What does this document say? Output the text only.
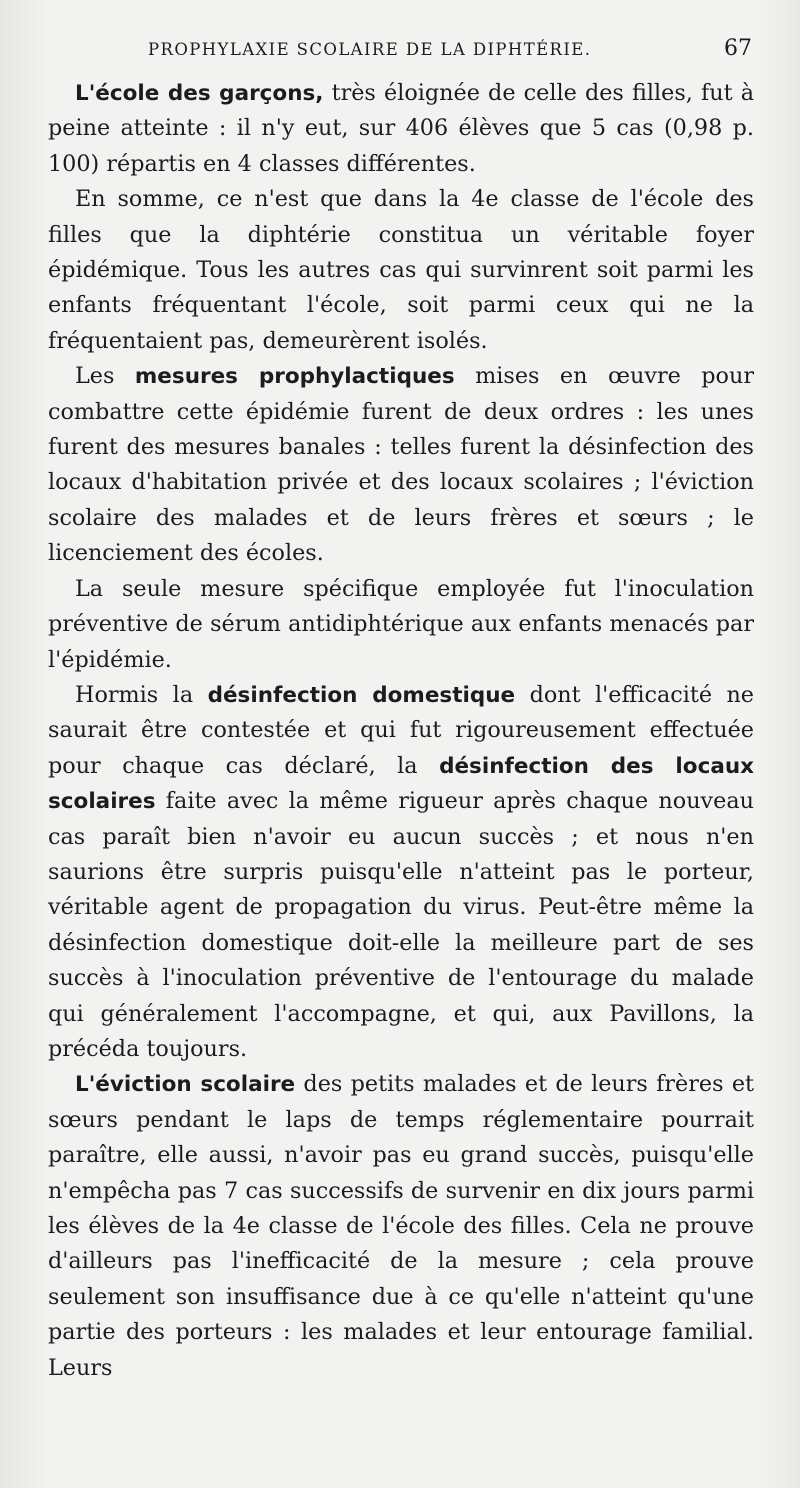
PROPHYLAXIE SCOLAIRE DE LA DIPHTÉRIE.	67

L'école des garçons, très éloignée de celle des filles, fut à peine atteinte : il n'y eut, sur 406 élèves que 5 cas (0,98 p. 100) répartis en 4 classes différentes.

En somme, ce n'est que dans la 4e classe de l'école des filles que la diphtérie constitua un véritable foyer épidémique. Tous les autres cas qui survinrent soit parmi les enfants fréquentant l'école, soit parmi ceux qui ne la fréquentaient pas, demeurèrent isolés.

Les mesures prophylactiques mises en œuvre pour combattre cette épidémie furent de deux ordres : les unes furent des mesures banales : telles furent la désinfection des locaux d'habitation privée et des locaux scolaires ; l'éviction scolaire des malades et de leurs frères et sœurs ; le licenciement des écoles.

La seule mesure spécifique employée fut l'inoculation préventive de sérum antidiphtérique aux enfants menacés par l'épidémie.

Hormis la désinfection domestique dont l'efficacité ne saurait être contestée et qui fut rigoureusement effectuée pour chaque cas déclaré, la désinfection des locaux scolaires faite avec la même rigueur après chaque nouveau cas paraît bien n'avoir eu aucun succès ; et nous n'en saurions être surpris puisqu'elle n'atteint pas le porteur, véritable agent de propagation du virus. Peut-être même la désinfection domestique doit-elle la meilleure part de ses succès à l'inoculation préventive de l'entourage du malade qui généralement l'accompagne, et qui, aux Pavillons, la précéda toujours.

L'éviction scolaire des petits malades et de leurs frères et sœurs pendant le laps de temps réglementaire pourrait paraître, elle aussi, n'avoir pas eu grand succès, puisqu'elle n'empêcha pas 7 cas successifs de survenir en dix jours parmi les élèves de la 4e classe de l'école des filles. Cela ne prouve d'ailleurs pas l'inefficacité de la mesure ; cela prouve seulement son insuffisance due à ce qu'elle n'atteint qu'une partie des porteurs : les malades et leur entourage familial. Leurs
